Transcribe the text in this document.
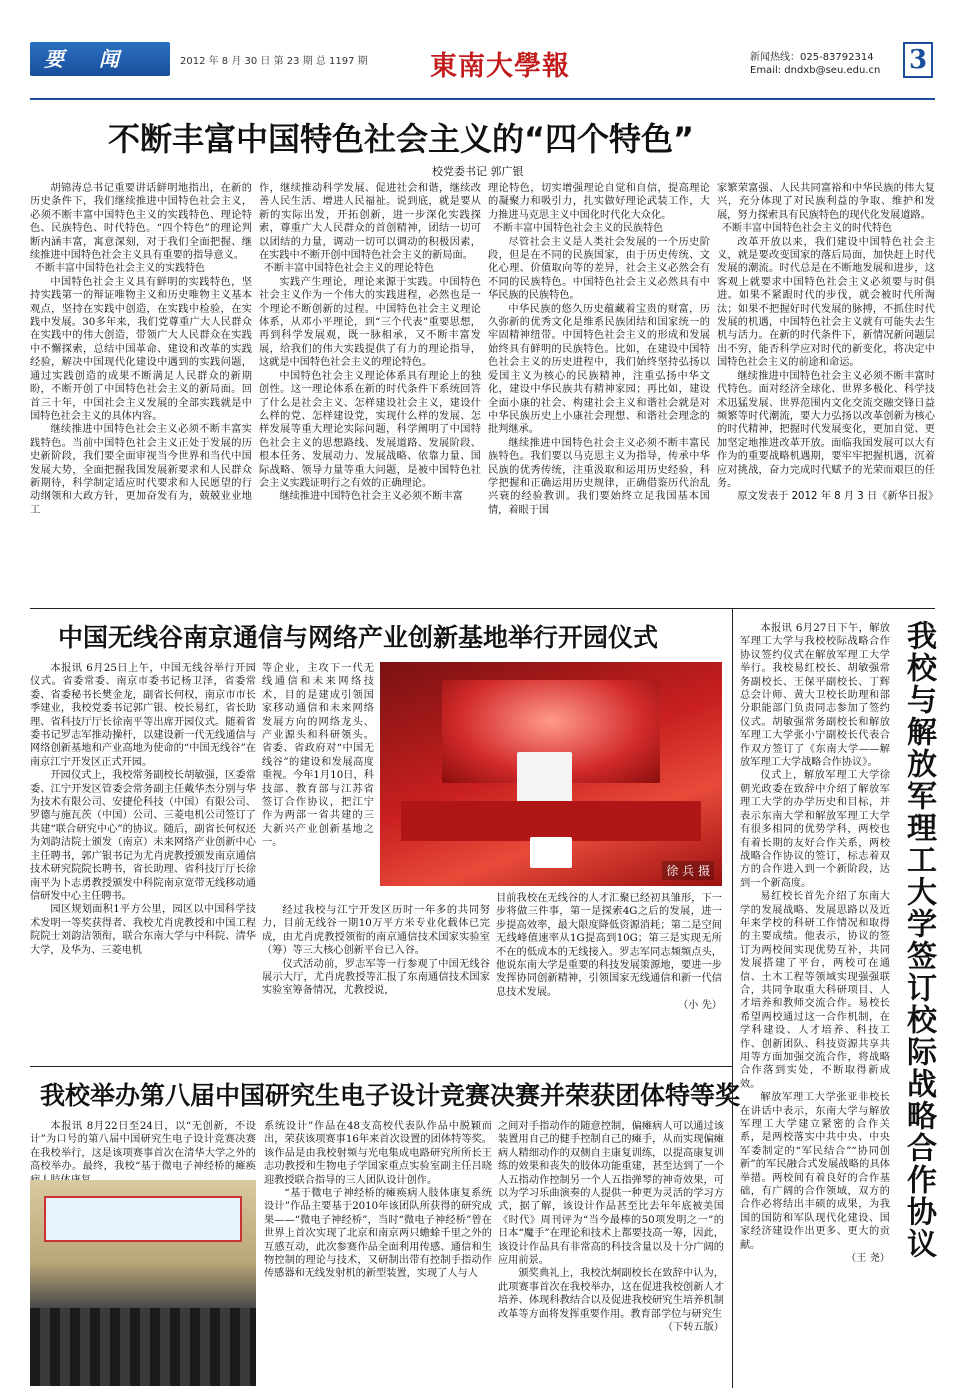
要 闻	2012 年 8 月 30 日 第 23 期 总 1197 期 東南大學報	新闻热线：025-83792314
Email: dndxb@seu.edu.cn 3
不断丰富中国特色社会主义的“四个特色”
校党委书记 郭广银

胡锦涛总书记重要讲话鲜明地指出，在新的历史条件下，我们继续推进中国特色社会主义，必须不断丰富中国特色主义的实践特色、理论特色、民族特色、时代特色。“四个特色”的理论判断内涵丰富，寓意深刻，对于我们全面把握、继续推进中国特色社会主义具有重要的指导意义。

不断丰富中国特色社会主义的实践特色

中国特色社会主义具有鲜明的实践特色，坚持实践第一的辩证唯物主义和历史唯物主义基本观点，坚持在实践中创造，在实践中检验，在实践中发展。30多年来，我们党尊重广大人民群众在实践中的伟大创造，带领广大人民群众在实践中不懈探索，总结中国革命、建设和改革的实践经验，解决中国现代化建设中遇到的实践问题，通过实践创造的成果不断满足人民群众的新期盼，不断开创了中国特色社会主义的新局面。回首三十年，中国社会主义发展的全部实践就是中国特色社会主义的具体内容。

继续推进中国特色社会主义必须不断丰富实践特色。当前中国特色社会主义正处于发展的历史新阶段，我们要全面审视当今世界和当代中国发展大势，全面把握我国发展新要求和人民群众新期待，科学制定适应时代要求和人民愿望的行动纲领和大政方针，更加奋发有为，兢兢业业地工

作，继续推动科学发展、促进社会和谐，继续改善人民生活、增进人民福祉。说到底，就是要从新的实际出发，开拓创新，进一步深化实践探索，尊重广大人民群众的首创精神，团结一切可以团结的力量，调动一切可以调动的积极因素，在实践中不断开创中国特色社会主义的新局面。

不断丰富中国特色社会主义的理论特色

实践产生理论，理论来源于实践。中国特色社会主义作为一个伟大的实践进程，必然也是一个理论不断创新的过程。中国特色社会主义理论体系，从邓小平理论，到“三个代表”重要思想，再到科学发展观，既一脉相承，又不断丰富发展，给我们的伟大实践提供了有力的理论指导，这就是中国特色社会主义的理论特色。

中国特色社会主义理论体系具有理论上的独创性。这一理论体系在新的时代条件下系统回答了什么是社会主义、怎样建设社会主义，建设什么样的党、怎样建设党，实现什么样的发展、怎样发展等重大理论实际问题，科学阐明了中国特色社会主义的思想路线、发展道路、发展阶段、根本任务、发展动力、发展战略、依靠力量、国际战略、领导力量等重大问题，是被中国特色社会主义实践证明行之有效的正确理论。

继续推进中国特色社会主义必须不断丰富

理论特色，切实增强理论自觉和自信，提高理论的凝聚力和吸引力，扎实做好理论武装工作，大力推进马克思主义中国化时代化大众化。

不断丰富中国特色社会主义的民族特色

尽管社会主义是人类社会发展的一个历史阶段，但是在不同的民族国家，由于历史传统、文化心理、价值取向等的差异，社会主义必然会有不同的民族特色。中国特色社会主义必然具有中华民族的民族特色。

中华民族的悠久历史蕴藏着宝贵的财富，历久弥新的优秀文化是维系民族团结和国家统一的牢固精神纽带。中国特色社会主义的形成和发展始终具有鲜明的民族特色。比如，在建设中国特色社会主义的历史进程中，我们始终坚持弘扬以爱国主义为核心的民族精神，注重弘扬中华文化，建设中华民族共有精神家园；再比如，建设全面小康的社会、构建社会主义和谐社会就是对中华民族历史上小康社会理想、和谐社会理念的批判继承。

继续推进中国特色社会主义必须不断丰富民族特色。我们要以马克思主义为指导，传承中华民族的优秀传统，注重汲取和运用历史经验，科学把握和正确运用历史规律，正确借鉴历代治乱兴衰的经验教训。我们要始终立足我国基本国情，着眼于国

家繁荣富强、人民共同富裕和中华民族的伟大复兴，充分体现了对民族利益的争取、维护和发展，努力探索具有民族特色的现代化发展道路。

不断丰富中国特色社会主义的时代特色

改革开放以来，我们建设中国特色社会主义，就是要改变国家的落后局面，加快赶上时代发展的潮流。时代总是在不断地发展和进步，这客观上就要求中国特色社会主义必须要与时俱进。如果不紧跟时代的步伐，就会被时代所淘汰；如果不把握好时代发展的脉搏，不抓住时代发展的机遇，中国特色社会主义就有可能失去生机与活力。在新的时代条件下，新情况新问题层出不穷，能否科学应对时代的新变化，将决定中国特色社会主义的前途和命运。

继续推进中国特色社会主义必须不断丰富时代特色。面对经济全球化、世界多极化、科学技术迅猛发展、世界范围内文化交流交融交锋日益频繁等时代潮流，要大力弘扬以改革创新为核心的时代精神，把握时代发展变化，更加自觉、更加坚定地推进改革开放。面临我国发展可以大有作为的重要战略机遇期，要牢牢把握机遇，沉着应对挑战，奋力完成时代赋予的光荣而艰巨的任务。

原文发表于 2012 年 8 月 3 日《新华日报》

中国无线谷南京通信与网络产业创新基地举行开园仪式

本报讯 6月25日上午，中国无线谷举行开园仪式。省委常委、南京市委书记杨卫泽，省委常委、省委秘书长樊金龙，副省长何权，南京市市长季建业，我校党委书记郭广银、校长易红，省长助理、省科技厅厅长徐南平等出席开园仪式。随着省委书记罗志军推动操杆，以建设新一代无线通信与网络创新基地和产业高地为使命的“中国无线谷”在南京江宁开发区正式开园。

开园仪式上，我校常务副校长胡敏强，区委常委、江宁开发区管委会常务副主任戴华杰分别与华为技术有限公司、安捷伦科技（中国）有限公司、罗德与施瓦茨（中国）公司、三菱电机公司签订了共建“联合研究中心”的协议。随后，副省长何权还为刘韵洁院士颁发（南京）未来网络产业创新中心主任聘书，郭广银书记为尤肖虎教授颁发南京通信技术研究院院长聘书，省长助理、省科技厅厅长徐南平为卜志勇教授颁发中科院南京宽带无线移动通信研发中心主任聘书。

园区规划面积1平方公里，园区以中国科学技术发明一等奖获得者、我校尤肖虎教授和中国工程院院士刘韵洁领衔，联合东南大学与中科院、清华大学，及华为、三菱电机

等企业，主攻下一代无线通信和未来网络技术，目的是建成引领国家移动通信和未来网络发展方向的网络龙头、产业源头和科研领头。省委、省政府对“中国无线谷”的建设和发展高度重视。今年1月10日，科技部、教育部与江苏省签订合作协议，把江宁作为两部一省共建的三大新兴产业创新基地之一。

徐 兵 摄

经过我校与江宁开发区历时一年多的共同努力，目前无线谷一期10万平方米专业化载体已完成，由尤肖虎教授领衔的南京通信技术国家实验室（筹）等三大核心创新平台已入谷。

仪式活动前，罗志军等一行参观了中国无线谷展示大厅，尤肖虎教授等汇报了东南通信技术国家实验室筹备情况，尤教授说，

目前我校在无线谷的人才汇聚已经初具雏形，下一步将做三件事，第一是探索4G之后的发展，进一步提高效率，最大限度降低资源消耗；第二是空间无线峰值速率从1G提高到10G；第三是实现无所不在的低成本的无线接入。罗志军同志频频点头，他说东南大学是重要的科技发展策源地，要进一步发挥协同创新精神，引领国家无线通信和新一代信息技术发展。

（小 先）

我校举办第八届中国研究生电子设计竞赛决赛并荣获团体特等奖

本报讯 8月22日至24日，以“无创新，不设计”为口号的第八届中国研究生电子设计竞赛决赛在我校举行，这是该项赛事首次在清华大学之外的高校举办。最终，我校“基于微电子神经桥的瘫痪

系统设计”作品在48支高校代表队作品中脱颖而出，荣获该项赛事16年来首次设置的团体特等奖。该作品是由我校射频与光电集成电路研究所所长王志功教授和生物电子学国家重点实验室副主任吕晓迎教授联合指导的三人团队设计创作。

“基于微电子神经桥的瘫痪病人肢体康复系统设计”作品主要基于2010年该团队所获得的研究成果——“微电子神经桥”，当时“微电子神经桥”曾在世界上首次实现了北京和南京两只蟾蜍千里之外的互感互动，此次参赛作品全面利用传感、通信和生物控制的理论与技术，又研制出带有控制手指动作传感器和无线发射机的新型装置，实现了人与人

之间对手指动作的随意控制，偏瘫病人可以通过该装置用自己的健手控制自己的瘫手，从而实现偏瘫病人精细动作的双侧自主康复训练，以提高康复训练的效果和丧失的肢体功能重建，甚至达到了一个人五指动作控制另一个人五指弹琴的神奇效果，可以为学习乐曲演奏的人提供一种更为灵活的学习方式，据了解，该设计作品甚至比去年年底被美国《时代》周刊评为“当今最棒的50项发明之一”的日本“魔手”在理论和技术上都要技高一筹，因此，该设计作品具有非常高的科技含量以及十分广阔的应用前景。

颁奖典礼上，我校沈炯副校长在致辞中认为，此项赛事首次在我校举办，这在促进我校创新人才培养、体现科教结合以及促进我校研究生培养机制改革等方面将发挥重要作用。教育部学位与研究生

（下转五版）

本报讯 6月27日下午，解放军理工大学与我校校际战略合作协议签约仪式在解放军理工大学举行。我校易红校长、胡敏强常务副校长、王保平副校长、丁辉总会计师、黄大卫校长助理和部分职能部门负责同志参加了签约仪式。胡敏强常务副校长和解放军理工大学张小宁副校长代表合作双方签订了《东南大学——解放军理工大学战略合作协议》。

仪式上，解放军理工大学徐朝光政委在致辞中介绍了解放军理工大学的办学历史和目标，并表示东南大学和解放军理工大学有很多相同的优势学科，两校也有着长期的友好合作关系，两校战略合作协议的签订，标志着双方的合作进入到一个新阶段，达到一个新高度。

易红校长首先介绍了东南大学的发展战略、发展思路以及近年来学校的科研工作情况和取得的主要成绩。他表示，协议的签订为两校间实现优势互补，共同发展搭建了平台，两校可在通信、土木工程等领域实现强强联合，共同争取重大科研项目、人才培养和教师交流合作。易校长希望两校通过这一合作机制，在学科建设、人才培养、科技工作、创新团队、科技资源共享共用等方面加强交流合作，将战略合作落到实处，不断取得新成效。

解放军理工大学张亚非校长在讲话中表示，东南大学与解放军理工大学建立紧密的合作关系，是两校落实中共中央、中央军委制定的“军民结合”“协同创新”的军民融合式发展战略的具体举措。两校间有着良好的合作基础，有广阔的合作领域，双方的合作必将结出丰硕的成果，为我国的国防和军队现代化建设、国家经济建设作出更多、更大的贡献。

（王 尧） 我校与解放军理工大学签订校际战略合作协议
